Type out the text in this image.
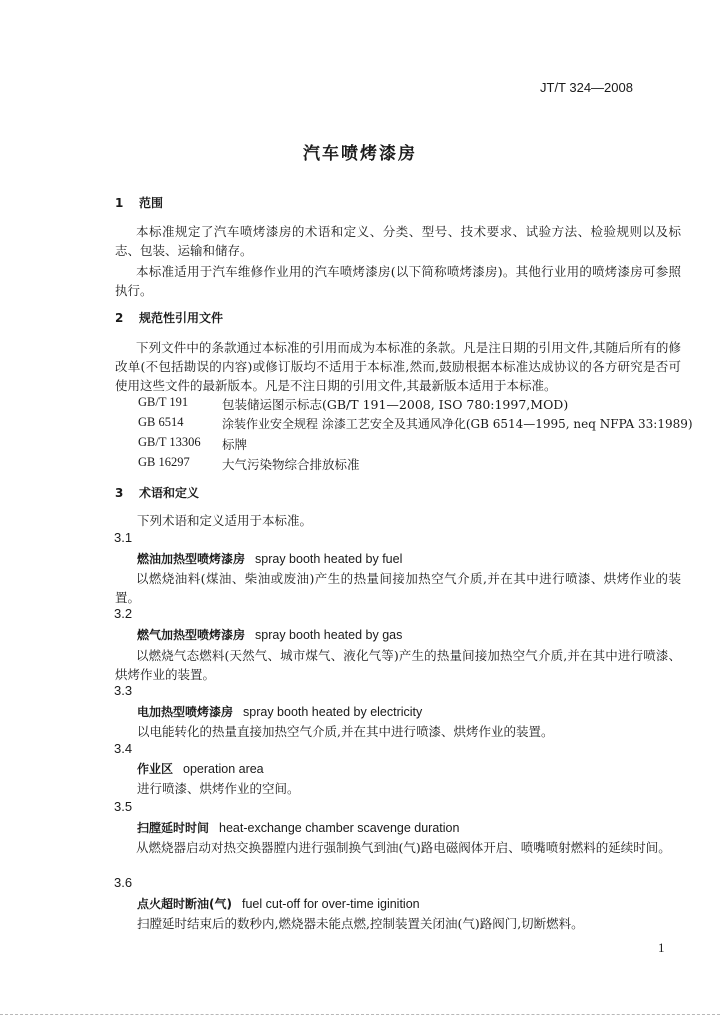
JT/T 324—2008
汽车喷烤漆房
1 范围
本标准规定了汽车喷烤漆房的术语和定义、分类、型号、技术要求、试验方法、检验规则以及标志、包装、运输和储存。
本标准适用于汽车维修作业用的汽车喷烤漆房(以下简称喷烤漆房)。其他行业用的喷烤漆房可参照执行。
2 规范性引用文件
下列文件中的条款通过本标准的引用而成为本标准的条款。凡是注日期的引用文件,其随后所有的修改单(不包括勘误的内容)或修订版均不适用于本标准,然而,鼓励根据本标准达成协议的各方研究是否可使用这些文件的最新版本。凡是不注日期的引用文件,其最新版本适用于本标准。
GB/T 191	包装储运图示标志(GB/T 191—2008, ISO 780:1997,MOD)
GB 6514	涂装作业安全规程 涂漆工艺安全及其通风净化(GB 6514—1995, neq NFPA 33:1989)
GB/T 13306 标牌
GB 16297	大气污染物综合排放标准
3 术语和定义
下列术语和定义适用于本标准。
3.1
燃油加热型喷烤漆房 spray booth heated by fuel
以燃烧油料(煤油、柴油或废油)产生的热量间接加热空气介质,并在其中进行喷漆、烘烤作业的装置。
3.2
燃气加热型喷烤漆房 spray booth heated by gas
以燃烧气态燃料(天然气、城市煤气、液化气等)产生的热量间接加热空气介质,并在其中进行喷漆、烘烤作业的装置。
3.3
电加热型喷烤漆房 spray booth heated by electricity
以电能转化的热量直接加热空气介质,并在其中进行喷漆、烘烤作业的装置。
3.4
作业区 operation area
进行喷漆、烘烤作业的空间。
3.5
扫膛延时时间 heat-exchange chamber scavenge duration
从燃烧器启动对热交换器膛内进行强制换气到油(气)路电磁阀体开启、喷嘴喷射燃料的延续时间。
3.6
点火超时断油(气) fuel cut-off for over-time iginition
扫膛延时结束后的数秒内,燃烧器未能点燃,控制装置关闭油(气)路阀门,切断燃料。
1
